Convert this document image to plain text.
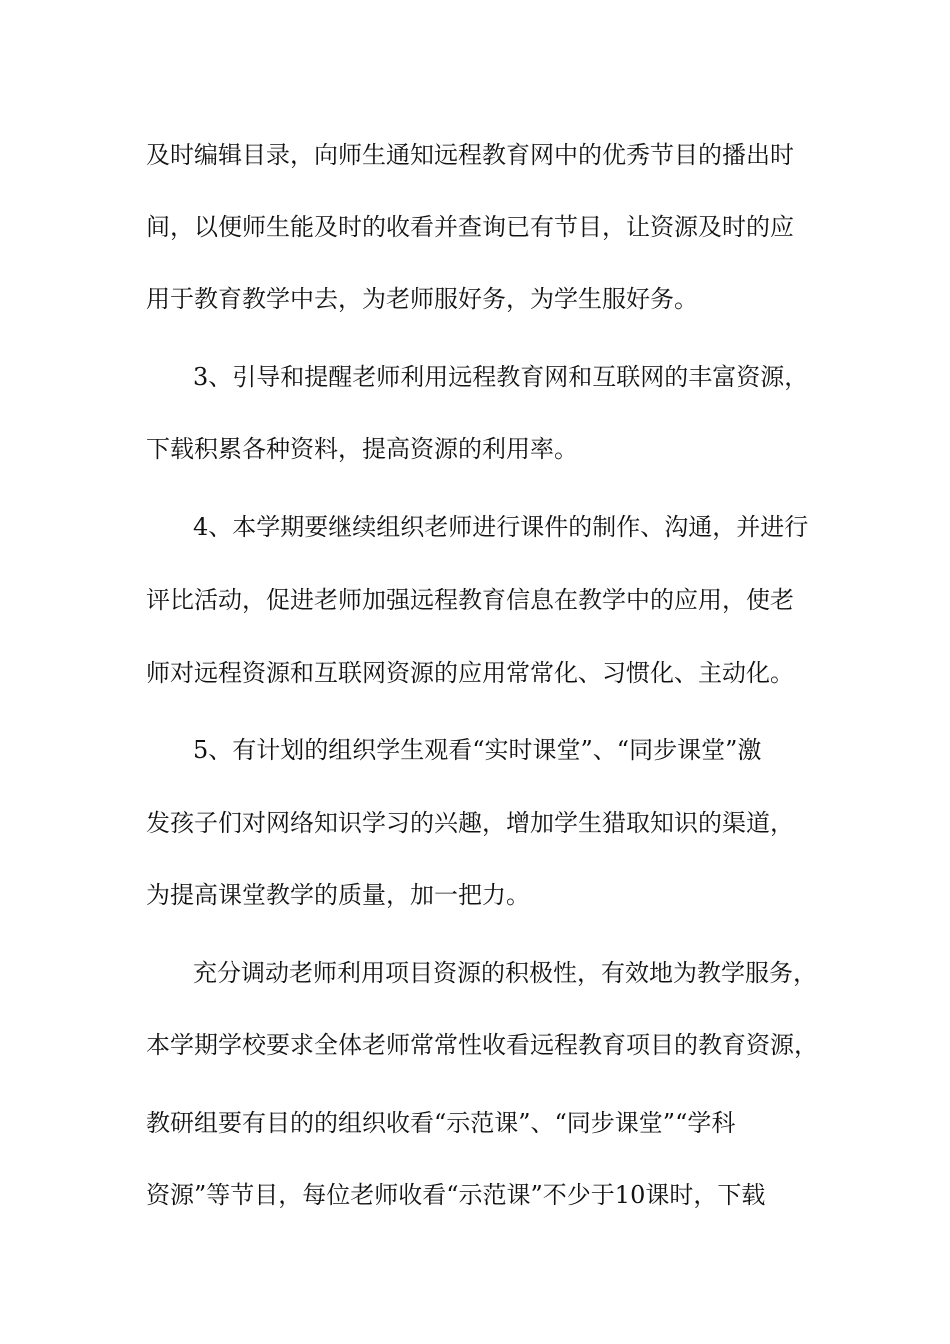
及时编辑目录，向师生通知远程教育网中的优秀节目的播出时
间，以便师生能及时的收看并查询已有节目，让资源及时的应
用于教育教学中去，为老师服好务，为学生服好务。
3、引导和提醒老师利用远程教育网和互联网的丰富资源，
下载积累各种资料，提高资源的利用率。
4、本学期要继续组织老师进行课件的制作、沟通，并进行
评比活动，促进老师加强远程教育信息在教学中的应用，使老
师对远程资源和互联网资源的应用常常化、习惯化、主动化。
5、有计划的组织学生观看“实时课堂”、“同步课堂”激
发孩子们对网络知识学习的兴趣，增加学生猎取知识的渠道，
为提高课堂教学的质量，加一把力。
充分调动老师利用项目资源的积极性，有效地为教学服务，
本学期学校要求全体老师常常性收看远程教育项目的教育资源，
教研组要有目的的组织收看“示范课”、“同步课堂”“学科
资源”等节目，每位老师收看“示范课”不少于10课时，下载
